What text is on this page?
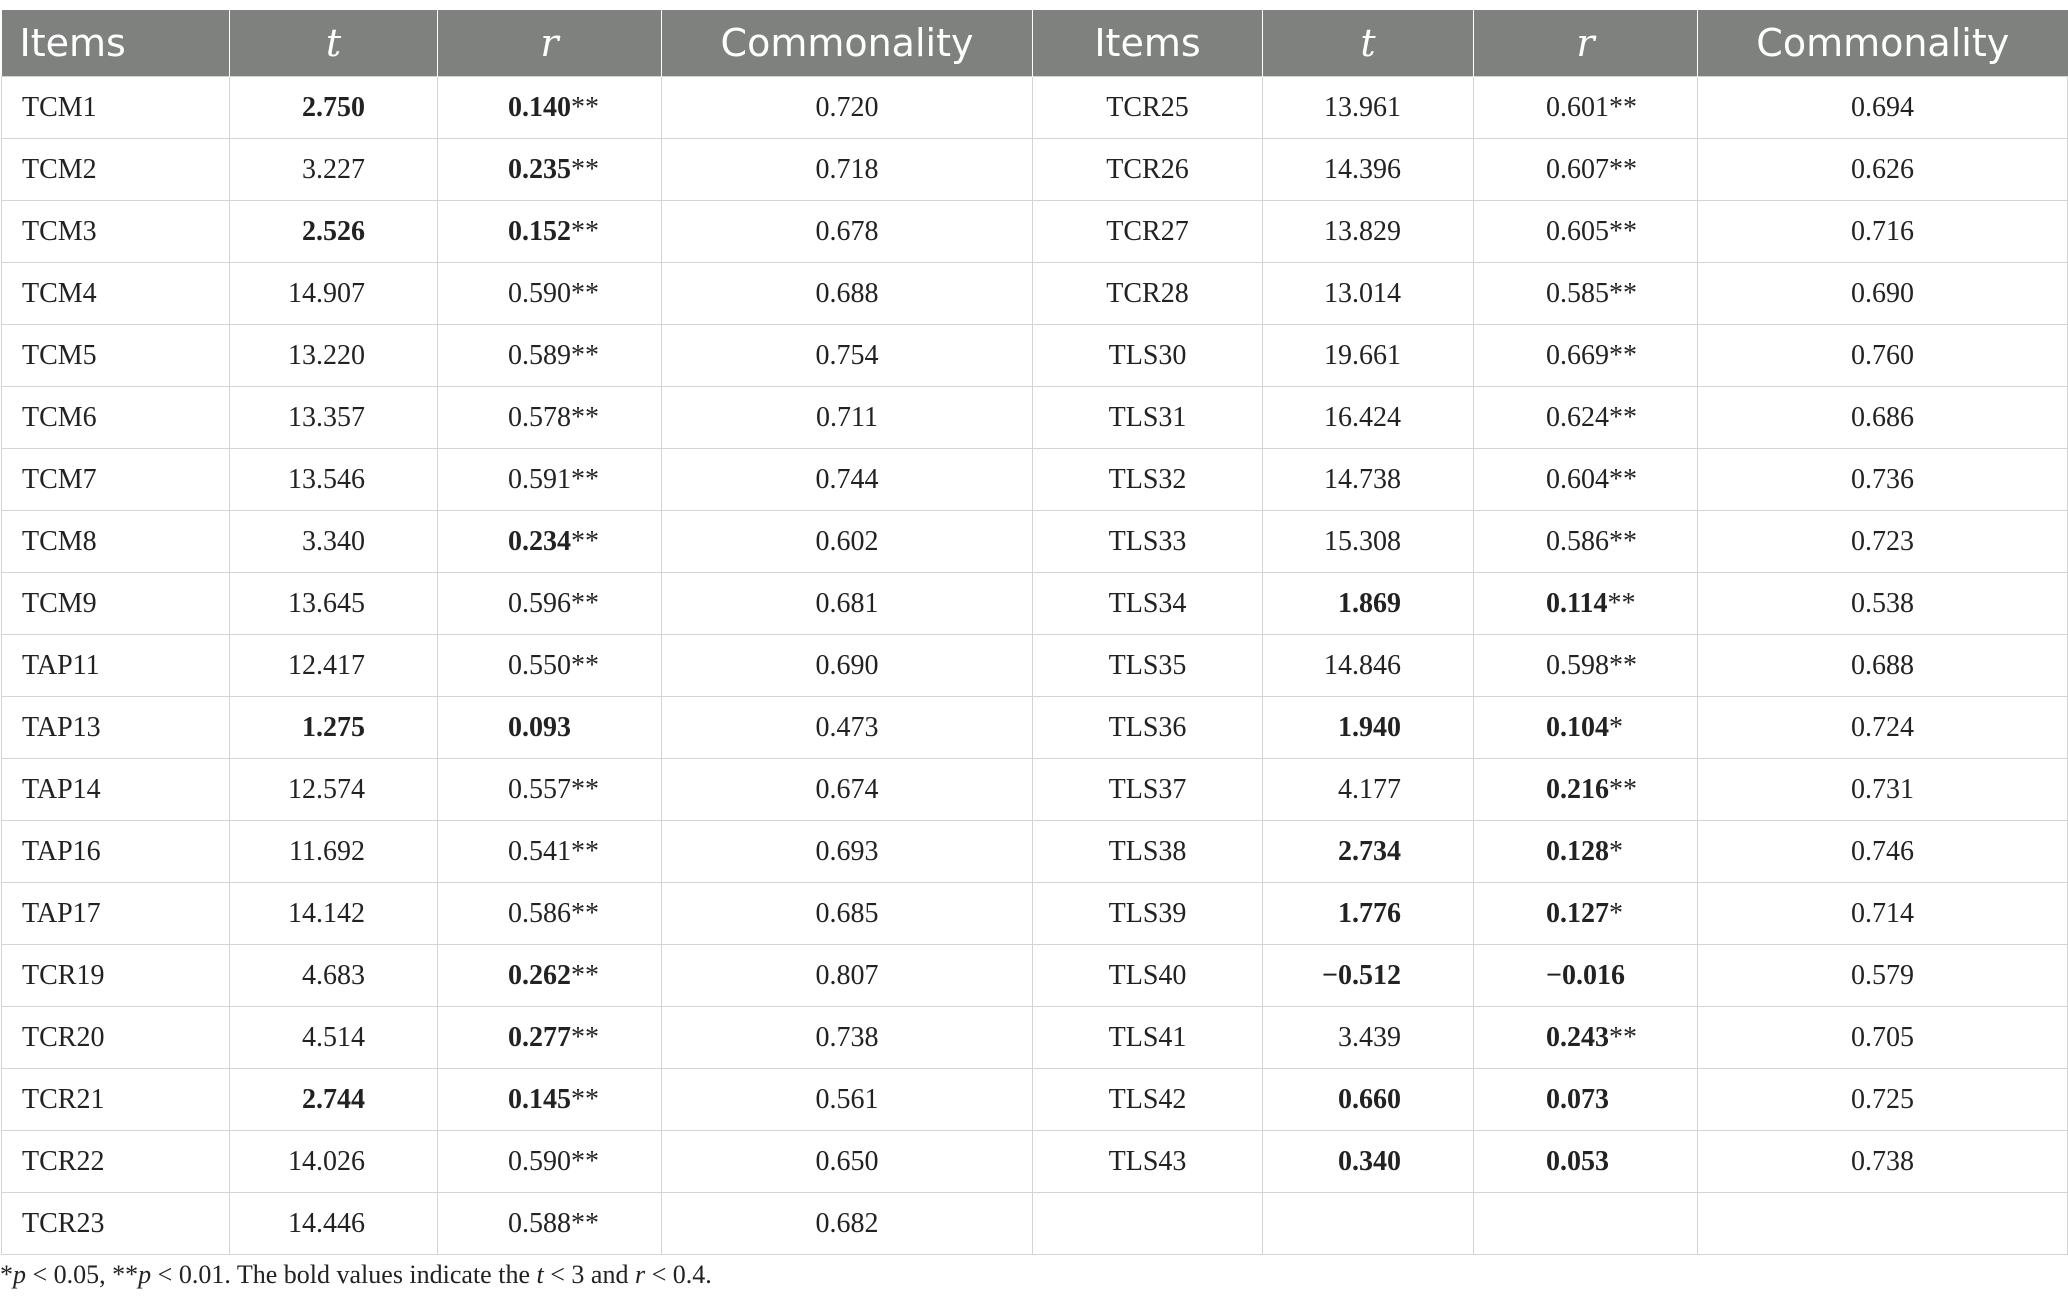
Items	t	r	Commonality	Items	t	r	Commonality
TCM1	2.750	0.140**	0.720	TCR25	13.961	0.601**	0.694
TCM2	3.227	0.235**	0.718	TCR26	14.396	0.607**	0.626
TCM3	2.526	0.152**	0.678	TCR27	13.829	0.605**	0.716
TCM4	14.907	0.590**	0.688	TCR28	13.014	0.585**	0.690
TCM5	13.220	0.589**	0.754	TLS30	19.661	0.669**	0.760
TCM6	13.357	0.578**	0.711	TLS31	16.424	0.624**	0.686
TCM7	13.546	0.591**	0.744	TLS32	14.738	0.604**	0.736
TCM8	3.340	0.234**	0.602	TLS33	15.308	0.586**	0.723
TCM9	13.645	0.596**	0.681	TLS34	1.869	0.114**	0.538
TAP11	12.417	0.550**	0.690	TLS35	14.846	0.598**	0.688
TAP13	1.275	0.093	0.473	TLS36	1.940	0.104*	0.724
TAP14	12.574	0.557**	0.674	TLS37	4.177	0.216**	0.731
TAP16	11.692	0.541**	0.693	TLS38	2.734	0.128*	0.746
TAP17	14.142	0.586**	0.685	TLS39	1.776	0.127*	0.714
TCR19	4.683	0.262**	0.807	TLS40	−0.512	−0.016	0.579
TCR20	4.514	0.277**	0.738	TLS41	3.439	0.243**	0.705
TCR21	2.744	0.145**	0.561	TLS42	0.660	0.073	0.725
TCR22	14.026	0.590**	0.650	TLS43	0.340	0.053	0.738
TCR23	14.446	0.588**	0.682				
*p < 0.05, **p < 0.01. The bold values indicate the t < 3 and r < 0.4.
